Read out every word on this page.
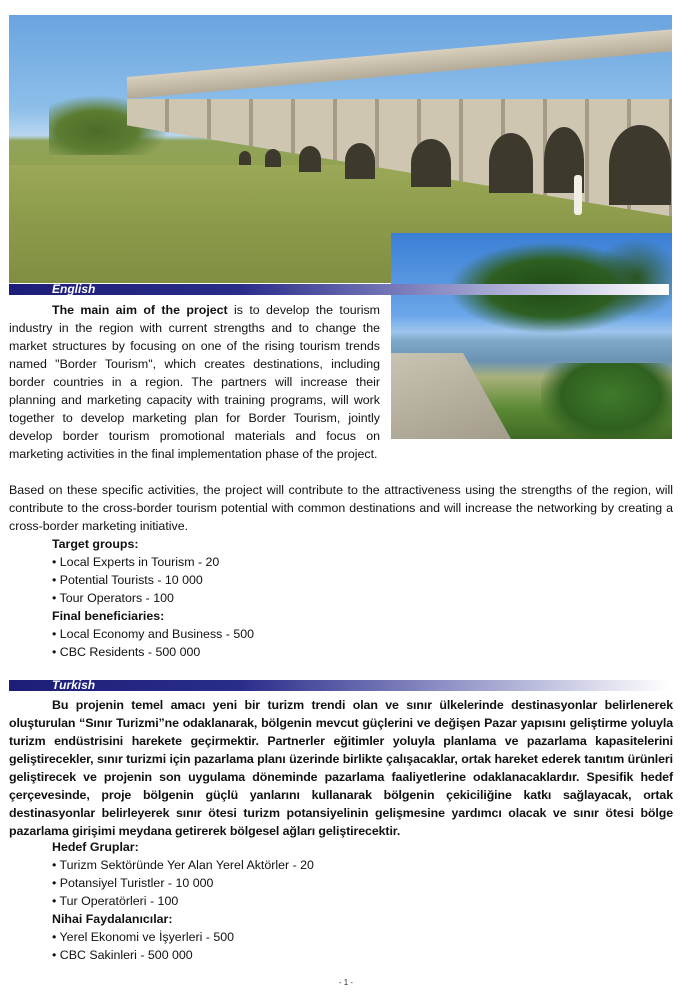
English
The main aim of the project is to develop the tourism industry in the region with current strengths and to change the market structures by focusing on one of the rising tourism trends named "Border Tourism", which creates destinations, including border countries in a region. The partners will increase their planning and marketing capacity with training programs, will work together to develop marketing plan for Border Tourism, jointly develop border tourism promotional materials and focus on marketing activities in the final implementation phase of the project.
Based on these specific activities, the project will contribute to the attractiveness using the strengths of the region, will contribute to the cross-border tourism potential with common destinations and will increase the networking by creating a cross-border marketing initiative.
Target groups:
• Local Experts in Tourism - 20
• Potential Tourists - 10 000
• Tour Operators - 100
Final beneficiaries:
• Local Economy and Business - 500
• CBC Residents - 500 000
Turkish
Bu projenin temel amacı yeni bir turizm trendi olan ve sınır ülkelerinde destinasyonlar belirlenerek oluşturulan “Sınır Turizmi”ne odaklanarak, bölgenin mevcut güçlerini ve değişen Pazar yapısını geliştirme yoluyla turizm endüstrisini harekete geçirmektir. Partnerler eğitimler yoluyla planlama ve pazarlama kapasitelerini geliştirecekler, sınır turizmi için pazarlama planı üzerinde birlikte çalışacaklar, ortak hareket ederek tanıtım ürünleri geliştirecek ve projenin son uygulama döneminde pazarlama faaliyetlerine odaklanacaklardır. Spesifik hedef çerçevesinde, proje bölgenin güçlü yanlarını kullanarak bölgenin çekiciliğine katkı sağlayacak, ortak destinasyonlar belirleyerek sınır ötesi turizm potansiyelinin gelişmesine yardımcı olacak ve sınır ötesi bölge pazarlama girişimi meydana getirerek bölgesel ağları geliştirecektir.
Hedef Gruplar:
• Turizm Sektöründe Yer Alan Yerel Aktörler - 20
• Potansiyel Turistler - 10 000
• Tur Operatörleri - 100
Nihai Faydalanıcılar:
• Yerel Ekonomi ve İşyerleri - 500
• CBC Sakinleri - 500 000
- 1 -
